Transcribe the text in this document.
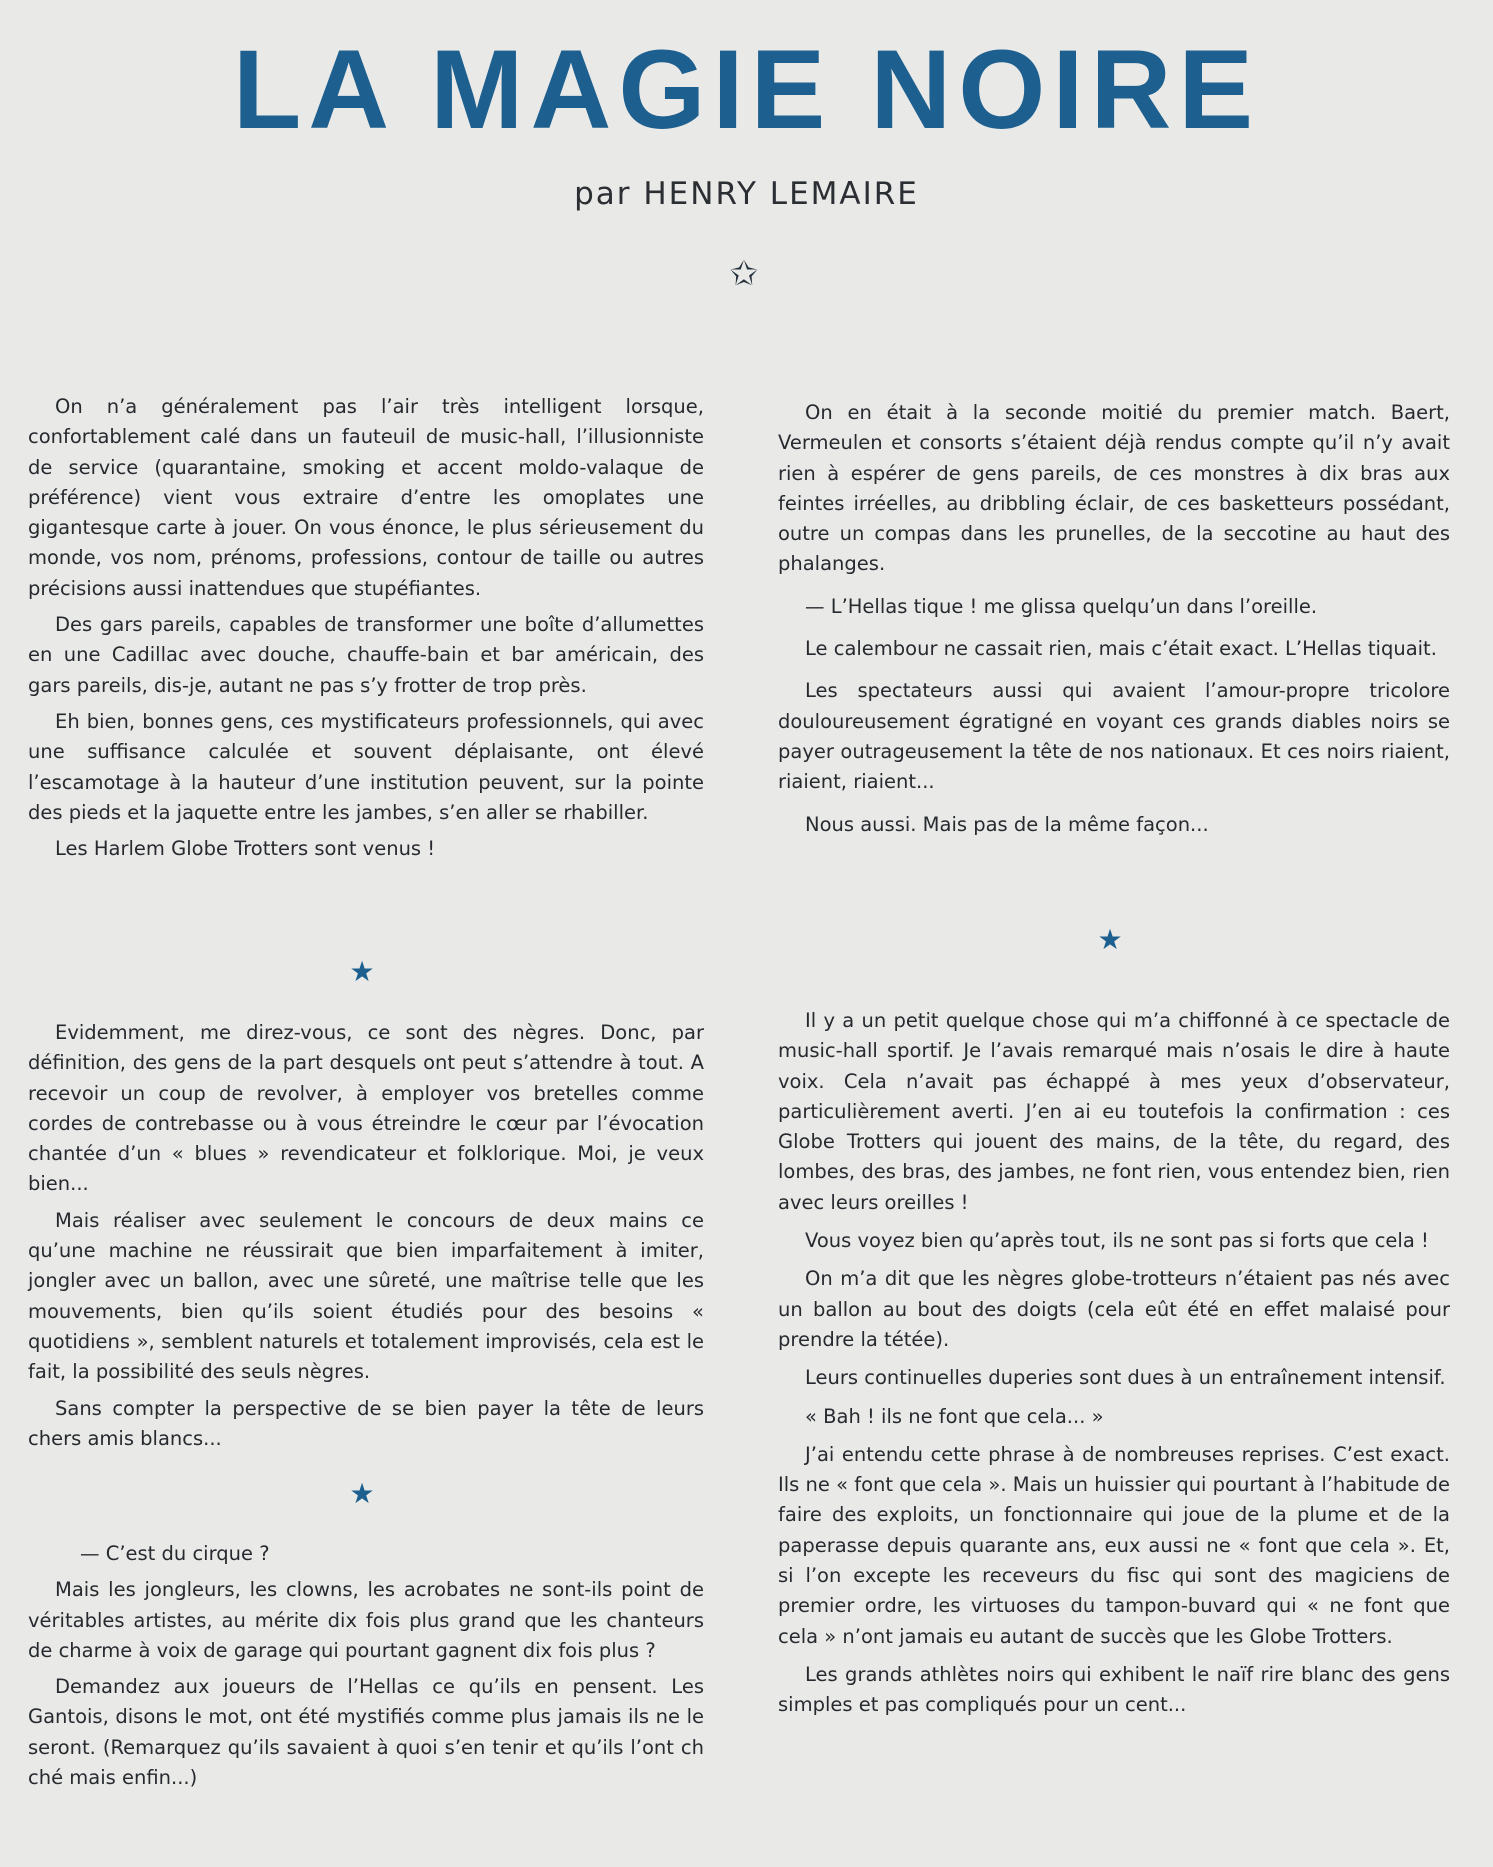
LA MAGIE NOIRE
par HENRY LEMAIRE
✩

On n’a généralement pas l’air très intelligent lorsque, confortablement calé dans un fauteuil de music-hall, l’illusionniste de service (quarantaine, smoking et accent moldo-valaque de préférence) vient vous extraire d’entre les omoplates une gigantesque carte à jouer. On vous énonce, le plus sérieusement du monde, vos nom, prénoms, professions, contour de taille ou autres précisions aussi inattendues que stupéfiantes.

Des gars pareils, capables de transformer une boîte d’allumettes en une Cadillac avec douche, chauffe-bain et bar américain, des gars pareils, dis-je, autant ne pas s’y frotter de trop près.

Eh bien, bonnes gens, ces mystificateurs professionnels, qui avec une suffisance calculée et souvent déplaisante, ont élevé l’escamotage à la hauteur d’une institution peuvent, sur la pointe des pieds et la jaquette entre les jambes, s’en aller se rhabiller.

Les Harlem Globe Trotters sont venus !

★

Evidemment, me direz-vous, ce sont des nègres. Donc, par définition, des gens de la part desquels ont peut s’attendre à tout. A recevoir un coup de revolver, à employer vos bretelles comme cordes de contrebasse ou à vous étreindre le cœur par l’évocation chantée d’un « blues » revendicateur et folklorique. Moi, je veux bien...

Mais réaliser avec seulement le concours de deux mains ce qu’une machine ne réussirait que bien imparfaitement à imiter, jongler avec un ballon, avec une sûreté, une maîtrise telle que les mouvements, bien qu’ils soient étudiés pour des besoins « quotidiens », semblent naturels et totalement improvisés, cela est le fait, la possibilité des seuls nègres.

Sans compter la perspective de se bien payer la tête de leurs chers amis blancs...

★

— C’est du cirque ?

Mais les jongleurs, les clowns, les acrobates ne sont-ils point de véritables artistes, au mérite dix fois plus grand que les chanteurs de charme à voix de garage qui pourtant gagnent dix fois plus ?

Demandez aux joueurs de l’Hellas ce qu’ils en pensent. Les Gantois, disons le mot, ont été mystifiés comme plus jamais ils ne le seront. (Remarquez qu’ils savaient à quoi s’en tenir et qu’ils l’ont ch ché mais enfin...)

On en était à la seconde moitié du premier match. Baert, Vermeulen et consorts s’étaient déjà rendus compte qu’il n’y avait rien à espérer de gens pareils, de ces monstres à dix bras aux feintes irréelles, au dribbling éclair, de ces basketteurs possédant, outre un compas dans les prunelles, de la seccotine au haut des phalanges.

— L’Hellas tique ! me glissa quelqu’un dans l’oreille.

Le calembour ne cassait rien, mais c’était exact. L’Hellas tiquait.

Les spectateurs aussi qui avaient l’amour-propre tricolore douloureusement égratigné en voyant ces grands diables noirs se payer outrageusement la tête de nos nationaux. Et ces noirs riaient, riaient, riaient...

Nous aussi. Mais pas de la même façon...

★

Il y a un petit quelque chose qui m’a chiffonné à ce spectacle de music-hall sportif. Je l’avais remarqué mais n’osais le dire à haute voix. Cela n’avait pas échappé à mes yeux d’observateur, particulièrement averti. J’en ai eu toutefois la confirmation : ces Globe Trotters qui jouent des mains, de la tête, du regard, des lombes, des bras, des jambes, ne font rien, vous entendez bien, rien avec leurs oreilles !

Vous voyez bien qu’après tout, ils ne sont pas si forts que cela !

On m’a dit que les nègres globe-trotteurs n’étaient pas nés avec un ballon au bout des doigts (cela eût été en effet malaisé pour prendre la tétée).

Leurs continuelles duperies sont dues à un entraînement intensif.

« Bah ! ils ne font que cela... »

J’ai entendu cette phrase à de nombreuses reprises. C’est exact. Ils ne « font que cela ». Mais un huissier qui pourtant à l’habitude de faire des exploits, un fonctionnaire qui joue de la plume et de la paperasse depuis quarante ans, eux aussi ne « font que cela ». Et, si l’on excepte les receveurs du fisc qui sont des magiciens de premier ordre, les virtuoses du tampon-buvard qui « ne font que cela » n’ont jamais eu autant de succès que les Globe Trotters.

Les grands athlètes noirs qui exhibent le naïf rire blanc des gens simples et pas compliqués pour un cent...
